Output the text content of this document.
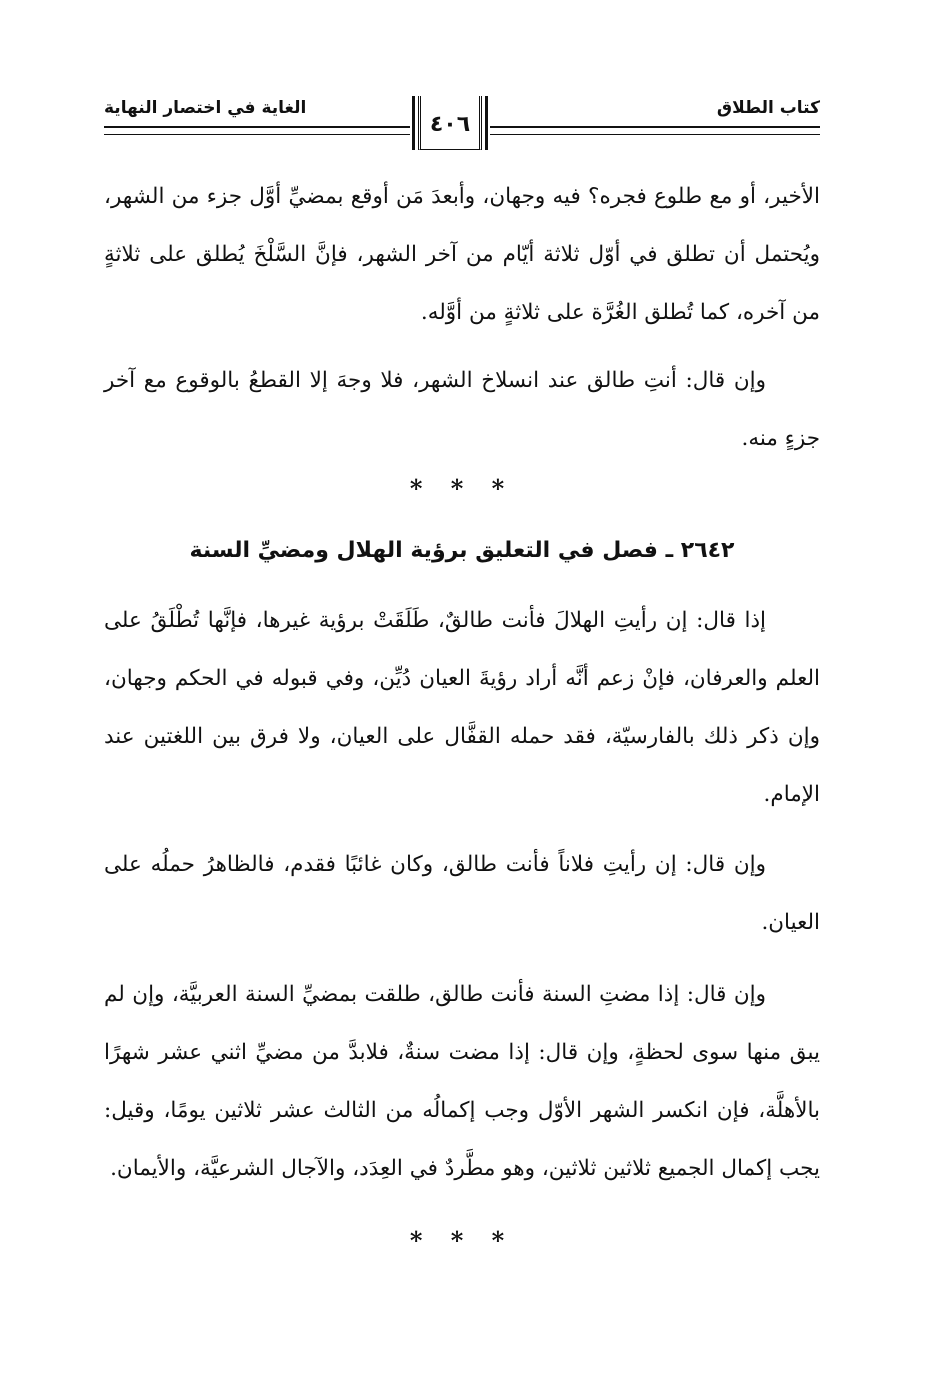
كتاب الطلاق
الغاية في اختصار النهاية
٤٠٦

الأخير، أو مع طلوع فجره؟ فيه وجهان، وأبعدَ مَن أوقع بمضيِّ أوَّل جزء من الشهر، ويُحتمل أن تطلق في أوّل ثلاثة أيّام من آخر الشهر، فإنَّ السَّلْخَ يُطلق على ثلاثةٍ من آخره، كما تُطلق الغُرَّة على ثلاثةٍ من أوَّله.

وإن قال: أنتِ طالق عند انسلاخ الشهر، فلا وجهَ إلا القطعُ بالوقوع مع آخر جزءٍ منه.

* * *
٢٦٤٢ ـ فصل في التعليق برؤية الهلال ومضيِّ السنة

إذا قال: إن رأيتِ الهلالَ فأنت طالقٌ، طَلَقَتْ برؤية غيرها، فإنَّها تُطْلَقُ على العلم والعرفان، فإنْ زعم أنَّه أراد رؤيةَ العيان دُيِّن، وفي قبوله في الحكم وجهان، وإن ذكر ذلك بالفارسيّة، فقد حمله القفَّال على العيان، ولا فرق بين اللغتين عند الإمام.

وإن قال: إن رأيتِ فلاناً فأنت طالق، وكان غائبًا فقدم، فالظاهرُ حملُه على العيان.

وإن قال: إذا مضتِ السنة فأنت طالق، طلقت بمضيِّ السنة العربيَّة، وإن لم يبق منها سوى لحظةٍ، وإن قال: إذا مضت سنةٌ، فلابدَّ من مضيِّ اثني عشر شهرًا بالأهلَّة، فإن انكسر الشهر الأوّل وجب إكمالُه من الثالث عشر ثلاثين يومًا، وقيل: يجب إكمال الجميع ثلاثين ثلاثين، وهو مطَّردٌ في العِدَد، والآجال الشرعيَّة، والأيمان.

* * *
